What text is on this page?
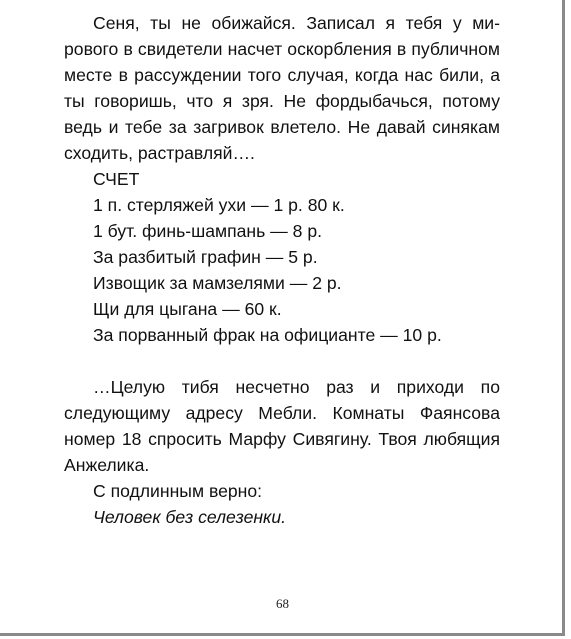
Сеня, ты не обижайся. Записал я тебя у мирового в свидетели насчет оскорбления в публичном месте в рассуждении того случая, когда нас били, а ты говоришь, что я зря. Не фордыбачься, потому ведь и тебе за загривок влетело. Не давай синякам сходить, растравляй….

СЧЕТ

1 п. стерляжей ухи — 1 р. 80 к.

1 бут. финь-шампань — 8 р.

За разбитый графин — 5 р.

Извощик за мамзелями — 2 р.

Щи для цыгана — 60 к.

За порванный фрак на официанте — 10 р.

…Целую тибя несчетно раз и приходи по следующиму адресу Мебли. Комнаты Фаянсова номер 18 спросить Марфу Сивягину. Твоя любящия Анжелика.

С подлинным верно:

Человек без селезенки.

68
